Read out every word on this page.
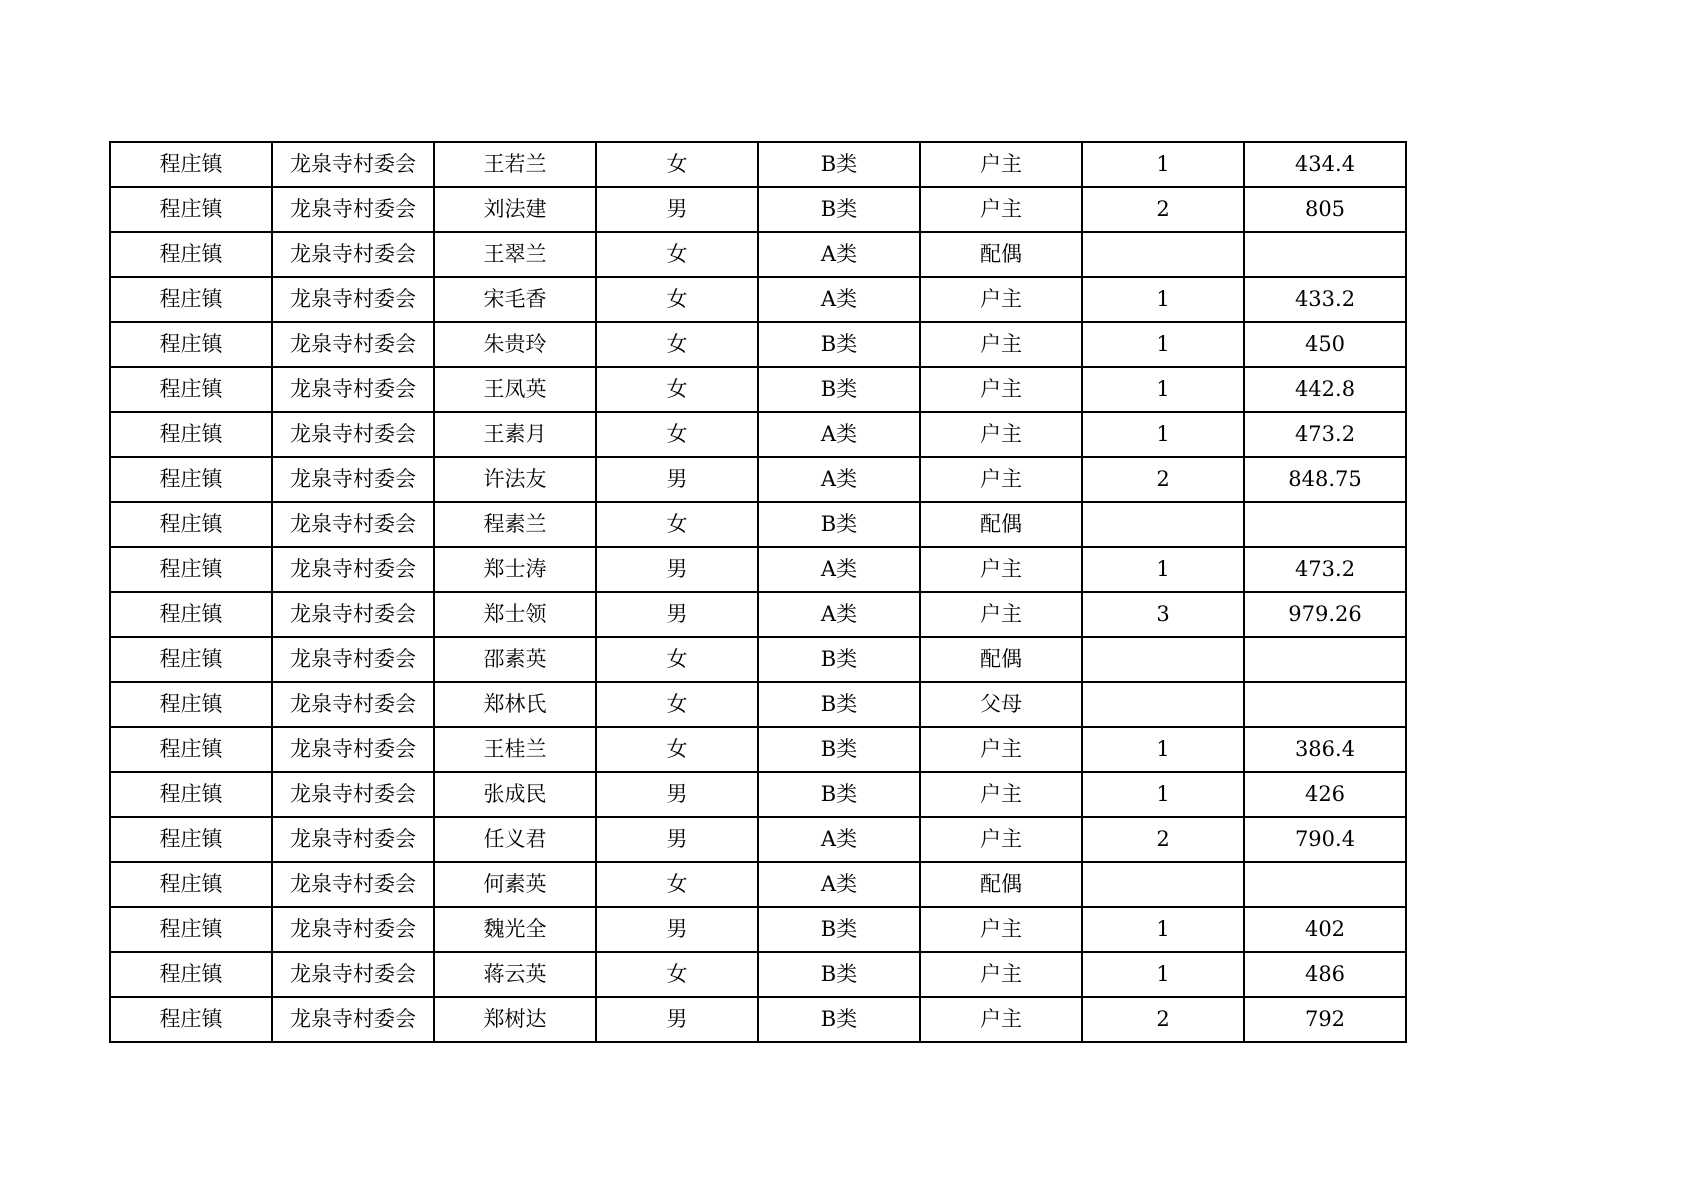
程庄镇	龙泉寺村委会	王若兰	女	B类	户主	1	434.4
程庄镇	龙泉寺村委会	刘法建	男	B类	户主	2	805
程庄镇	龙泉寺村委会	王翠兰	女	A类	配偶		
程庄镇	龙泉寺村委会	宋毛香	女	A类	户主	1	433.2
程庄镇	龙泉寺村委会	朱贵玲	女	B类	户主	1	450
程庄镇	龙泉寺村委会	王凤英	女	B类	户主	1	442.8
程庄镇	龙泉寺村委会	王素月	女	A类	户主	1	473.2
程庄镇	龙泉寺村委会	许法友	男	A类	户主	2	848.75
程庄镇	龙泉寺村委会	程素兰	女	B类	配偶		
程庄镇	龙泉寺村委会	郑士涛	男	A类	户主	1	473.2
程庄镇	龙泉寺村委会	郑士领	男	A类	户主	3	979.26
程庄镇	龙泉寺村委会	邵素英	女	B类	配偶		
程庄镇	龙泉寺村委会	郑林氏	女	B类	父母		
程庄镇	龙泉寺村委会	王桂兰	女	B类	户主	1	386.4
程庄镇	龙泉寺村委会	张成民	男	B类	户主	1	426
程庄镇	龙泉寺村委会	任义君	男	A类	户主	2	790.4
程庄镇	龙泉寺村委会	何素英	女	A类	配偶		
程庄镇	龙泉寺村委会	魏光全	男	B类	户主	1	402
程庄镇	龙泉寺村委会	蒋云英	女	B类	户主	1	486
程庄镇	龙泉寺村委会	郑树达	男	B类	户主	2	792
